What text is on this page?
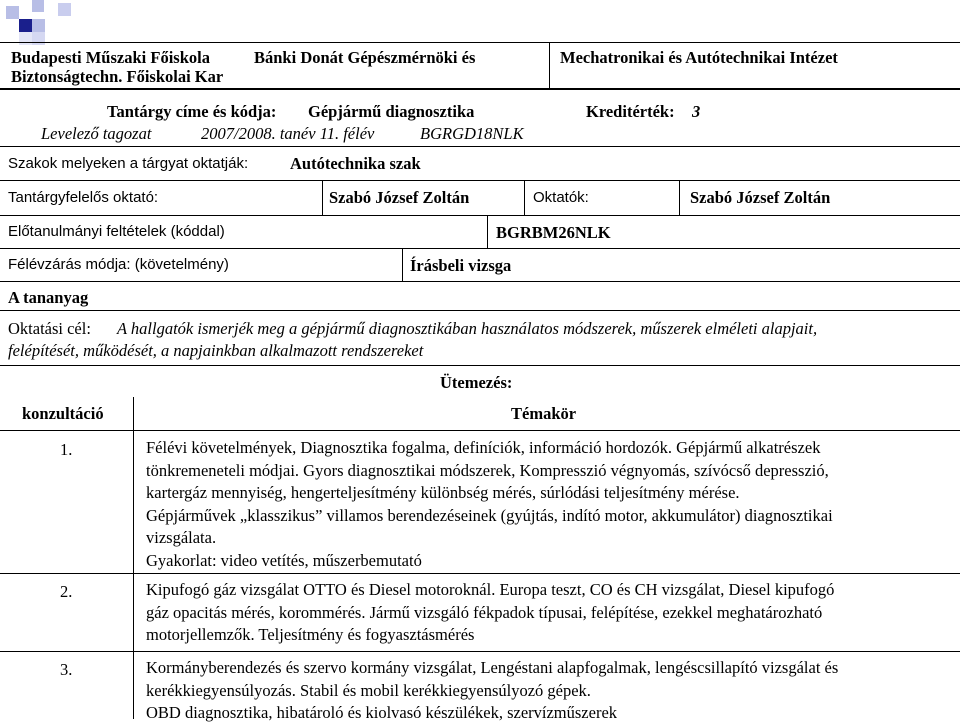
Budapesti Műszaki Főiskola	Bánki Donát Gépészmérnöki és
Biztonságtechn. Főiskolai Kar
Mechatronikai és Autótechnikai Intézet
Tantárgy címe és kódja: Gépjármű diagnosztika	Kreditérték: 3
Levelező tagozat	2007/2008. tanév 11. félév	BGRGD18NLK
Szakok melyeken a tárgyat oktatják:	Autótechnika szak
Tantárgyfelelős oktató:	Szabó József Zoltán	Oktatók:	Szabó József Zoltán
Előtanulmányi feltételek (kóddal)	BGRBM26NLK
Félévzárás módja: (követelmény)	Írásbeli vizsga
A tananyag
Oktatási cél: A hallgatók ismerjék meg a gépjármű diagnosztikában használatos módszerek, műszerek elméleti alapjait,
felépítését, működését, a napjainkban alkalmazott rendszereket
Ütemezés:
konzultáció	Témakör
1.	Félévi követelmények, Diagnosztika fogalma, definíciók, információ hordozók. Gépjármű alkatrészek
tönkremeneteli módjai. Gyors diagnosztikai módszerek, Kompresszió végnyomás, szívócső depresszió,
kartergáz mennyiség, hengerteljesítmény különbség mérés, súrlódási teljesítmény mérése.
Gépjárművek „klasszikus” villamos berendezéseinek (gyújtás, indító motor, akkumulátor) diagnosztikai
vizsgálata.
Gyakorlat: video vetítés, műszerbemutató
2.	Kipufogó gáz vizsgálat OTTO és Diesel motoroknál. Europa teszt, CO és CH vizsgálat, Diesel kipufogó
gáz opacitás mérés, korommérés. Jármű vizsgáló fékpadok típusai, felépítése, ezekkel meghatározható
motorjellemzők. Teljesítmény és fogyasztásmérés
3.	Kormányberendezés és szervo kormány vizsgálat, Lengéstani alapfogalmak, lengéscsillapító vizsgálat és
kerékkiegyensúlyozás. Stabil és mobil kerékkiegyensúlyozó gépek.
OBD diagnosztika, hibatároló és kiolvasó készülékek, szervízműszerek
